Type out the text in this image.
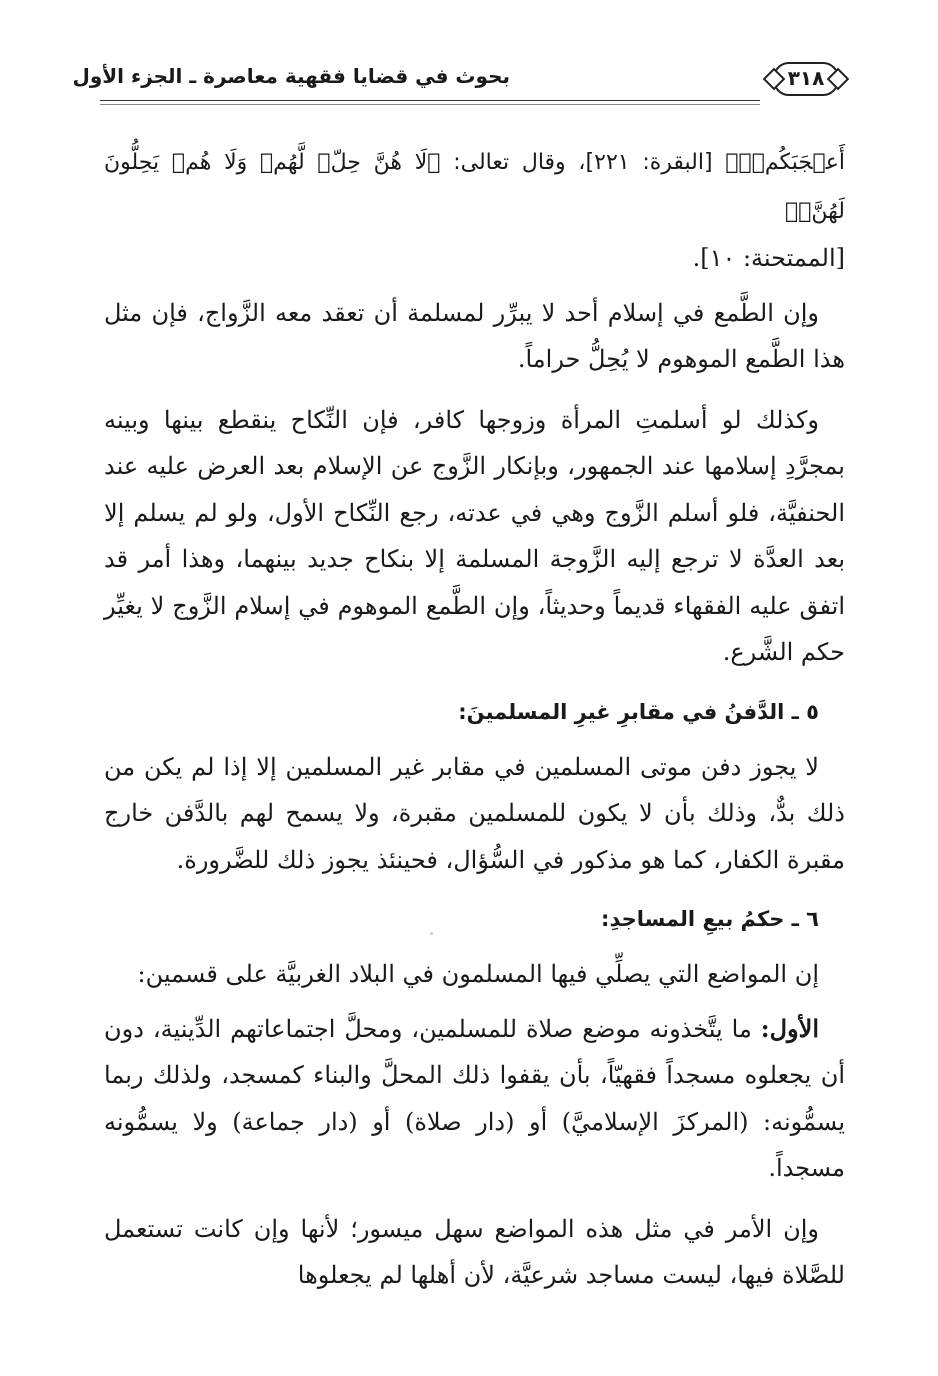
بحوث في قضايا فقهية معاصرة ـ الجزء الأول	٣١٨

أَعۡجَبَكُمۡۗ﴾ [البقرة: ٢٢١]، وقال تعالى: ﴿لَا هُنَّ حِلّٞ لَّهُمۡ وَلَا هُمۡ يَحِلُّونَ لَهُنَّۖ﴾
[الممتحنة: ١٠].

وإن الطَّمع في إسلام أحد لا يبرِّر لمسلمة أن تعقد معه الزَّواج، فإن مثل هذا الطَّمع الموهوم لا يُحِلُّ حراماً.

وكذلك لو أسلمتِ المرأة وزوجها كافر، فإن النِّكاح ينقطع بينها وبينه بمجرَّدِ إسلامها عند الجمهور، وبإنكار الزَّوج عن الإسلام بعد العرض عليه عند الحنفيَّة، فلو أسلم الزَّوج وهي في عدته، رجع النِّكاح الأول، ولو لم يسلم إلا بعد العدَّة لا ترجع إليه الزَّوجة المسلمة إلا بنكاح جديد بينهما، وهذا أمر قد اتفق عليه الفقهاء قديماً وحديثاً، وإن الطَّمع الموهوم في إسلام الزَّوج لا يغيِّر حكم الشَّرع.

٥ ـ الدَّفنُ في مقابرِ غيرِ المسلمينَ:

لا يجوز دفن موتى المسلمين في مقابر غير المسلمين إلا إذا لم يكن من ذلك بدٌّ، وذلك بأن لا يكون للمسلمين مقبرة، ولا يسمح لهم بالدَّفن خارج مقبرة الكفار، كما هو مذكور في السُّؤال، فحينئذ يجوز ذلك للضَّرورة.

٦ ـ حكمُ بيعِ المساجدِ:

إن المواضع التي يصلِّي فيها المسلمون في البلاد الغربيَّة على قسمين:

الأول: ما يتَّخذونه موضع صلاة للمسلمين، ومحلَّ اجتماعاتهم الدِّينية، دون أن يجعلوه مسجداً فقهيّاً، بأن يقفوا ذلك المحلَّ والبناء كمسجد، ولذلك ربما يسمُّونه: (المركزَ الإسلاميَّ) أو (دار صلاة) أو (دار جماعة) ولا يسمُّونه مسجداً.

وإن الأمر في مثل هذه المواضع سهل ميسور؛ لأنها وإن كانت تستعمل للصَّلاة فيها، ليست مساجد شرعيَّة، لأن أهلها لم يجعلوها
